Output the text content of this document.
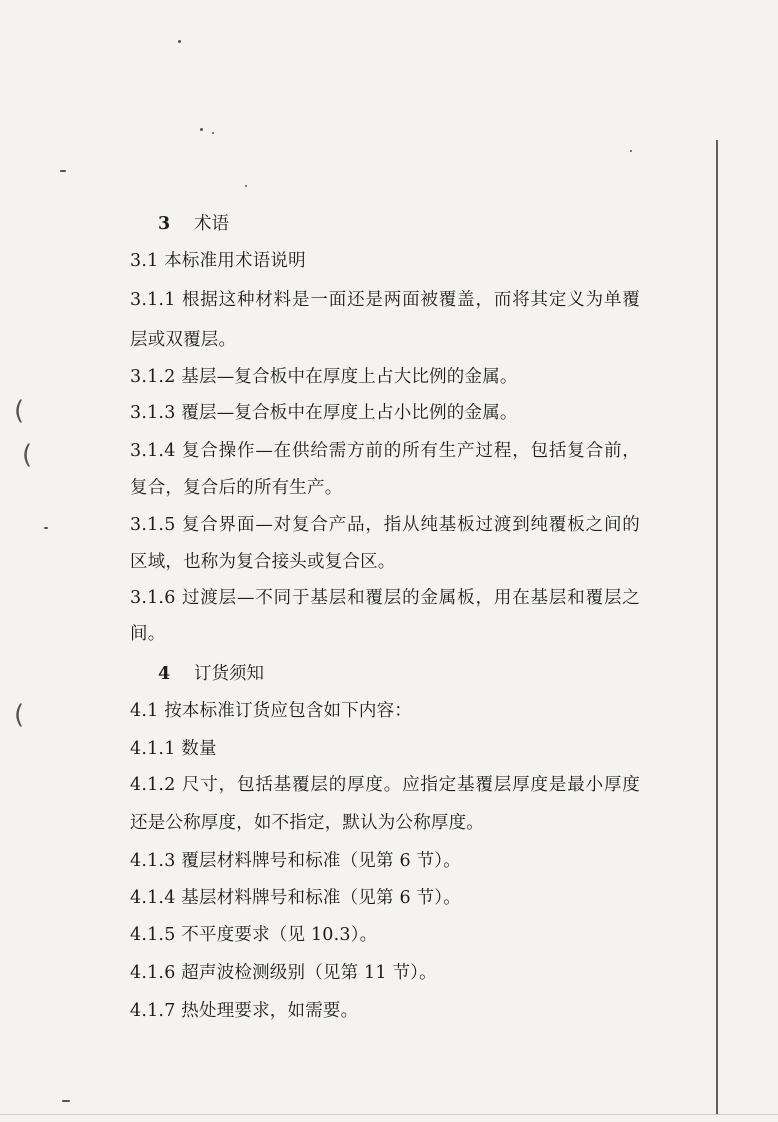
(
(
(
3 术语
3.1 本标准用术语说明
3.1.1 根据这种材料是一面还是两面被覆盖，而将其定义为单覆
层或双覆层。
3.1.2 基层—复合板中在厚度上占大比例的金属。
3.1.3 覆层—复合板中在厚度上占小比例的金属。
3.1.4 复合操作—在供给需方前的所有生产过程，包括复合前，
复合，复合后的所有生产。
3.1.5 复合界面—对复合产品，指从纯基板过渡到纯覆板之间的
区域，也称为复合接头或复合区。
3.1.6 过渡层—不同于基层和覆层的金属板，用在基层和覆层之
间。
4 订货须知
4.1 按本标准订货应包含如下内容：
4.1.1 数量
4.1.2 尺寸，包括基覆层的厚度。应指定基覆层厚度是最小厚度
还是公称厚度，如不指定，默认为公称厚度。
4.1.3 覆层材料牌号和标准（见第 6 节）。
4.1.4 基层材料牌号和标准（见第 6 节）。
4.1.5 不平度要求（见 10.3）。
4.1.6 超声波检测级别（见第 11 节）。
4.1.7 热处理要求，如需要。
